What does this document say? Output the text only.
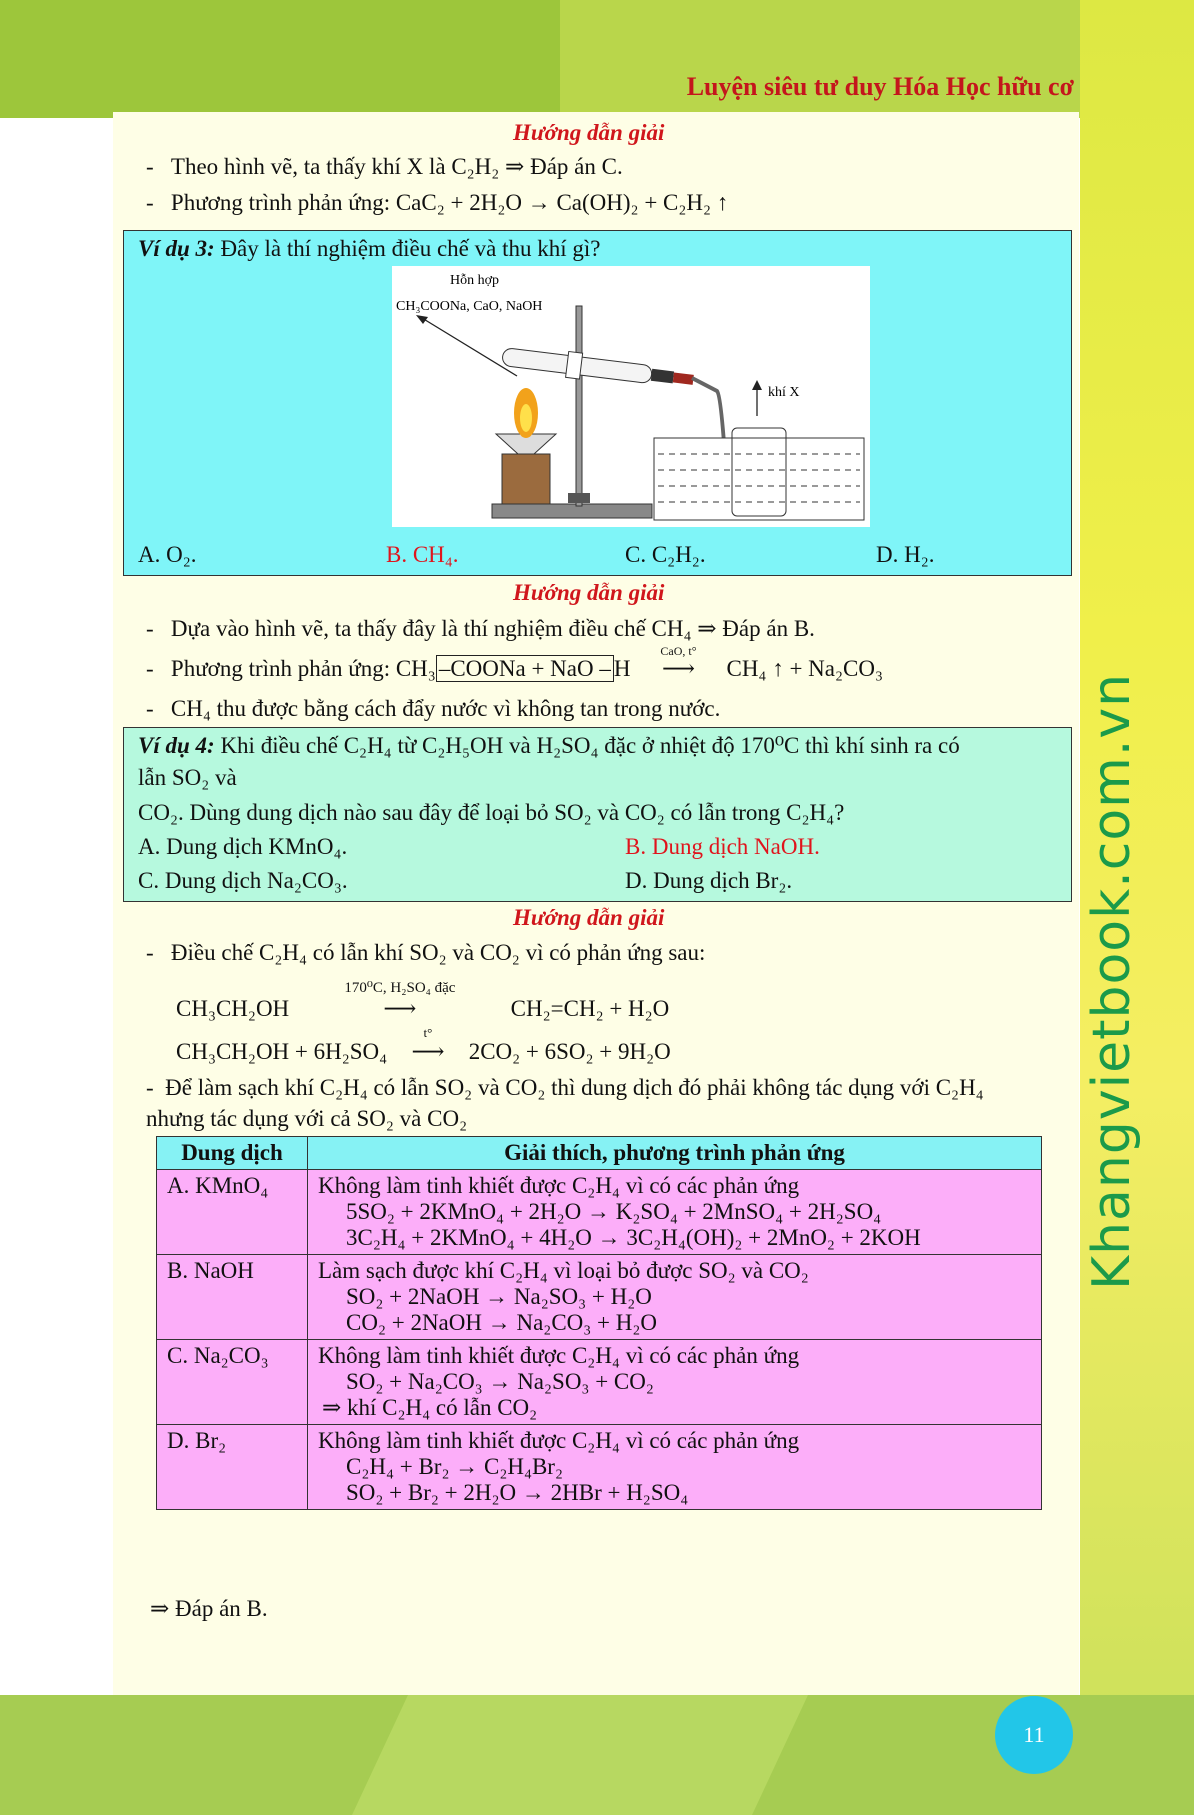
Luyện siêu tư duy Hóa Học hữu cơ
Khangvietbook.com.vn
11
Hướng dẫn giải
-   Theo hình vẽ, ta thấy khí X là C₂H₂ ⇒ Đáp án C.
-   Phương trình phản ứng: CaC₂ + 2H₂O → Ca(OH)₂ + C₂H₂ ↑
Ví dụ 3: Đây là thí nghiệm điều chế và thu khí gì?
Hỗn hợp
CH₃COONa, CaO, NaOH
khí X
A. O₂.	B. CH₄.	C. C₂H₂.	D. H₂.
Hướng dẫn giải
-   Dựa vào hình vẽ, ta thấy đây là thí nghiệm điều chế CH₄ ⇒ Đáp án B.
-   Phương trình phản ứng: CH₃ –COONa + NaO – H
CaO, t°
⟶ CH₄ ↑ + Na₂CO₃
-   CH₄ thu được bằng cách đẩy nước vì không tan trong nước.
Ví dụ 4: Khi điều chế C₂H₄ từ C₂H₅OH và H₂SO₄ đặc ở nhiệt độ 170⁰C thì khí sinh ra có
lẫn SO₂ và
CO₂. Dùng dung dịch nào sau đây để loại bỏ SO₂ và CO₂ có lẫn trong C₂H₄?
A. Dung dịch KMnO₄.	B. Dung dịch NaOH.
C. Dung dịch Na₂CO₃.	D. Dung dịch Br₂.
Hướng dẫn giải
-   Điều chế C₂H₄ có lẫn khí SO₂ và CO₂ vì có phản ứng sau:
CH₃CH₂OH
170⁰C, H₂SO₄ đặc
⟶	CH₂=CH₂ + H₂O
CH₃CH₂OH + 6H₂SO₄
t°
⟶ 2CO₂ + 6SO₂ + 9H₂O
-  Để làm sạch khí C₂H₄ có lẫn SO₂ và CO₂ thì dung dịch đó phải không tác dụng với C₂H₄
nhưng tác dụng với cả SO₂ và CO₂
Dung dịch	Giải thích, phương trình phản ứng
A. KMnO₄	Không làm tinh khiết được C₂H₄ vì có các phản ứng
5SO₂ + 2KMnO₄ + 2H₂O → K₂SO₄ + 2MnSO₄ + 2H₂SO₄
3C₂H₄ + 2KMnO₄ + 4H₂O → 3C₂H₄(OH)₂ + 2MnO₂ + 2KOH

B. NaOH	Làm sạch được khí C₂H₄ vì loại bỏ được SO₂ và CO₂
SO₂ + 2NaOH → Na₂SO₃ + H₂O
CO₂ + 2NaOH → Na₂CO₃ + H₂O

C. Na₂CO₃	Không làm tinh khiết được C₂H₄ vì có các phản ứng
SO₂ + Na₂CO₃ → Na₂SO₃ + CO₂
⇒ khí C₂H₄ có lẫn CO₂

D. Br₂	Không làm tinh khiết được C₂H₄ vì có các phản ứng
C₂H₄ + Br₂ → C₂H₄Br₂
SO₂ + Br₂ + 2H₂O → 2HBr + H₂SO₄
⇒ Đáp án B.
